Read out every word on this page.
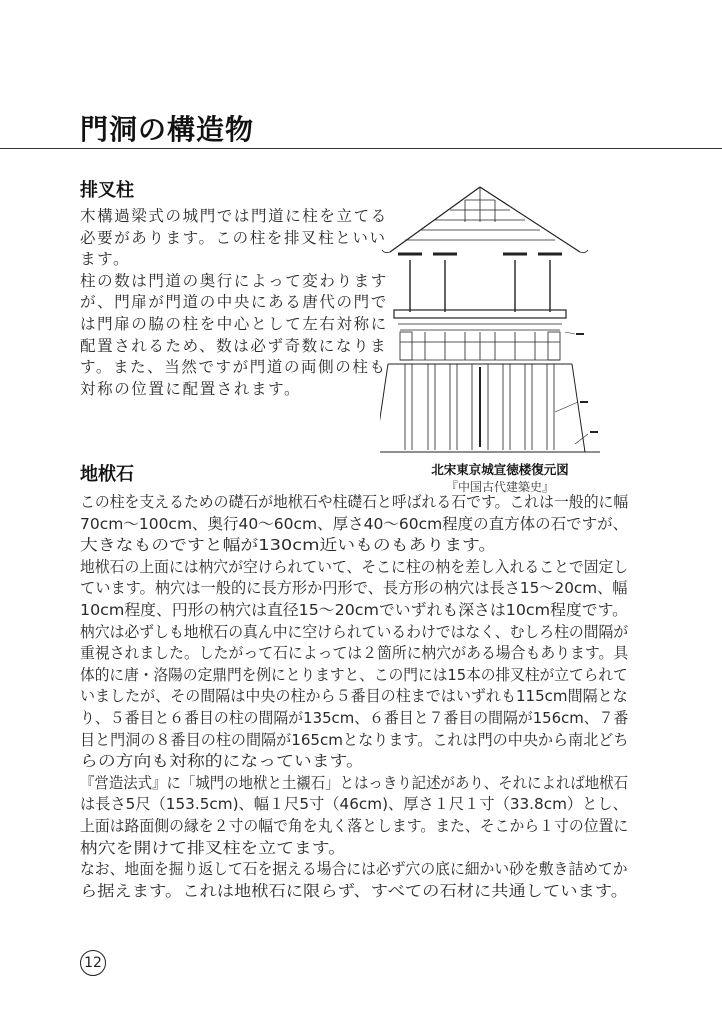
門洞の構造物
排叉柱
木構過梁式の城門では門道に柱を立てる
必要があります。この柱を排叉柱といい
ます。
柱の数は門道の奥行によって変わります
が、門扉が門道の中央にある唐代の門で
は門扉の脇の柱を中心として左右対称に
配置されるため、数は必ず奇数になりま
す。また、当然ですが門道の両側の柱も
対称の位置に配置されます。
北宋東京城宣徳楼復元図
『中国古代建築史』
地栿石
この柱を支えるための礎石が地栿石や柱礎石と呼ばれる石です。これは一般的に幅
70cm〜100cm、奥行40〜60cm、厚さ40〜60cm程度の直方体の石ですが、
大きなものですと幅が130cm近いものもあります。
地栿石の上面には枘穴が空けられていて、そこに柱の枘を差し入れることで固定し
ています。枘穴は一般的に長方形か円形で、長方形の枘穴は長さ15〜20cm、幅
10cm程度、円形の枘穴は直径15〜20cmでいずれも深さは10cm程度です。
枘穴は必ずしも地栿石の真ん中に空けられているわけではなく、むしろ柱の間隔が
重視されました。したがって石によっては２箇所に枘穴がある場合もあります。具
体的に唐・洛陽の定鼎門を例にとりますと、この門には15本の排叉柱が立てられて
いましたが、その間隔は中央の柱から５番目の柱まではいずれも115cm間隔とな
り、５番目と６番目の柱の間隔が135cm、６番目と７番目の間隔が156cm、７番
目と門洞の８番目の柱の間隔が165cmとなります。これは門の中央から南北どち
らの方向も対称的になっています。
『営造法式』に「城門の地栿と土襯石」とはっきり記述があり、それによれば地栿石
は長さ5尺（153.5cm)、幅１尺5寸（46cm)、厚さ１尺１寸（33.8cm）とし、
上面は路面側の縁を２寸の幅で角を丸く落とします。また、そこから１寸の位置に
枘穴を開けて排叉柱を立てます。
なお、地面を掘り返して石を据える場合には必ず穴の底に細かい砂を敷き詰めてか
ら据えます。これは地栿石に限らず、すべての石材に共通しています。
12
